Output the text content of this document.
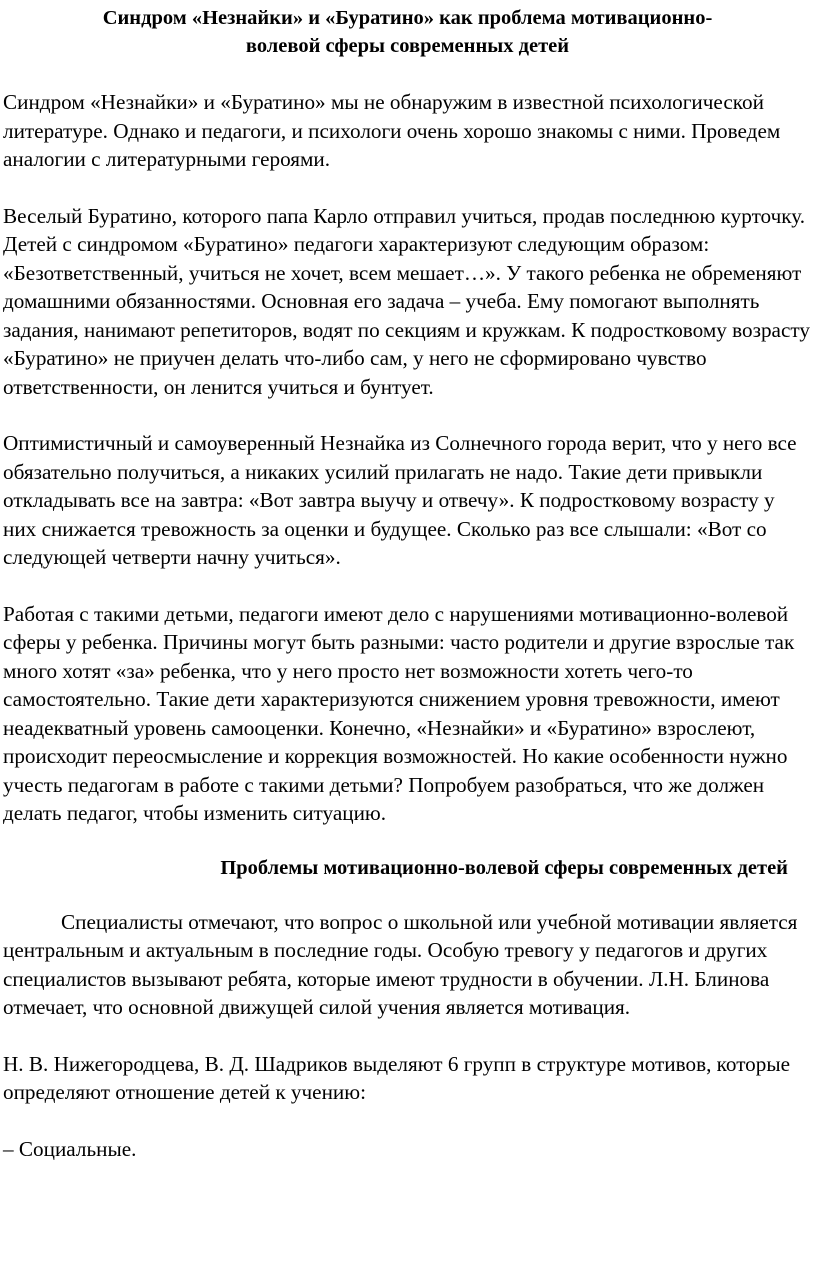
Синдром «Незнайки» и «Буратино» как проблема мотивационно-
волевой сферы современных детей

Синдром «Незнайки» и «Буратино» мы не обнаружим в известной психологической литературе. Однако и педагоги, и психологи очень хорошо знакомы с ними. Проведем аналогии с литературными героями.

Веселый Буратино, которого папа Карло отправил учиться, продав последнюю курточку. Детей с синдромом «Буратино» педагоги характеризуют следующим образом: «Безответственный, учиться не хочет, всем мешает…». У такого ребенка не обременяют домашними обязанностями. Основная его задача – учеба. Ему помогают выполнять задания, нанимают репетиторов, водят по секциям и кружкам. К подростковому возрасту «Буратино» не приучен делать что-либо сам, у него не сформировано чувство ответственности, он ленится учиться и бунтует.

Оптимистичный и самоуверенный Незнайка из Солнечного города верит, что у него все обязательно получиться, а никаких усилий прилагать не надо. Такие дети привыкли откладывать все на завтра: «Вот завтра выучу и отвечу». К подростковому возрасту у них снижается тревожность за оценки и будущее. Сколько раз все слышали: «Вот со следующей четверти начну учиться».

Работая с такими детьми, педагоги имеют дело с нарушениями мотивационно-волевой сферы у ребенка. Причины могут быть разными: часто родители и другие взрослые так много хотят «за» ребенка, что у него просто нет возможности хотеть чего-то самостоятельно. Такие дети характеризуются снижением уровня тревожности, имеют неадекватный уровень самооценки. Конечно, «Незнайки» и «Буратино» взрослеют, происходит переосмысление и коррекция возможностей. Но какие особенности нужно учесть педагогам в работе с такими детьми? Попробуем разобраться, что же должен делать педагог, чтобы изменить ситуацию.

Проблемы мотивационно-волевой сферы современных детей

Специалисты отмечают, что вопрос о школьной или учебной мотивации является центральным и актуальным в последние годы. Особую тревогу у педагогов и других специалистов вызывают ребята, которые имеют трудности в обучении. Л.Н. Блинова отмечает, что основной движущей силой учения является мотивация.

Н. В. Нижегородцева, В. Д. Шадриков выделяют 6 групп в структуре мотивов, которые определяют отношение детей к учению:

– Социальные.
